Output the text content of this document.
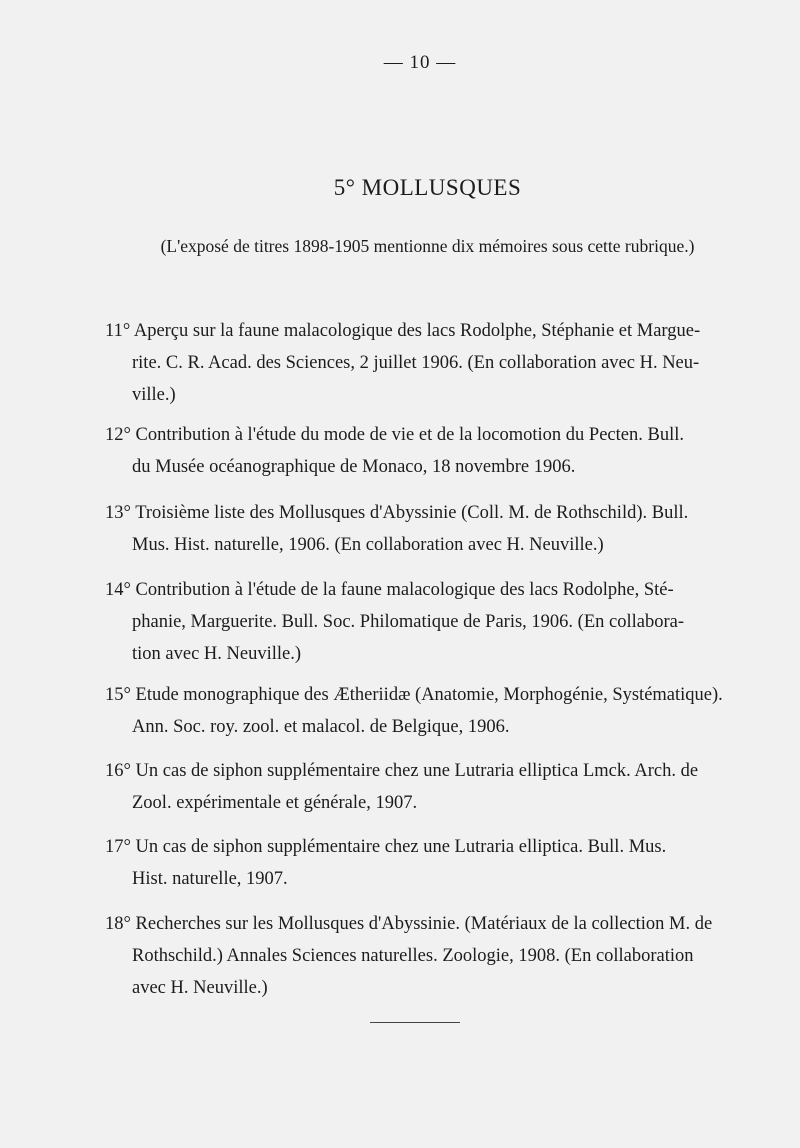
— 10 —
5° MOLLUSQUES
(L'exposé de titres 1898-1905 mentionne dix mémoires sous cette rubrique.)
11° Aperçu sur la faune malacologique des lacs Rodolphe, Stéphanie et Margue-
rite. C. R. Acad. des Sciences, 2 juillet 1906. (En collaboration avec H. Neu-
ville.)
12° Contribution à l'étude du mode de vie et de la locomotion du Pecten. Bull.
du Musée océanographique de Monaco, 18 novembre 1906.
13° Troisième liste des Mollusques d'Abyssinie (Coll. M. de Rothschild). Bull.
Mus. Hist. naturelle, 1906. (En collaboration avec H. Neuville.)
14° Contribution à l'étude de la faune malacologique des lacs Rodolphe, Sté-
phanie, Marguerite. Bull. Soc. Philomatique de Paris, 1906. (En collabora-
tion avec H. Neuville.)
15° Etude monographique des Ætheriidæ (Anatomie, Morphogénie, Systématique).
Ann. Soc. roy. zool. et malacol. de Belgique, 1906.
16° Un cas de siphon supplémentaire chez une Lutraria elliptica Lmck. Arch. de
Zool. expérimentale et générale, 1907.
17° Un cas de siphon supplémentaire chez une Lutraria elliptica. Bull. Mus.
Hist. naturelle, 1907.
18° Recherches sur les Mollusques d'Abyssinie. (Matériaux de la collection M. de
Rothschild.) Annales Sciences naturelles. Zoologie, 1908. (En collaboration
avec H. Neuville.)
